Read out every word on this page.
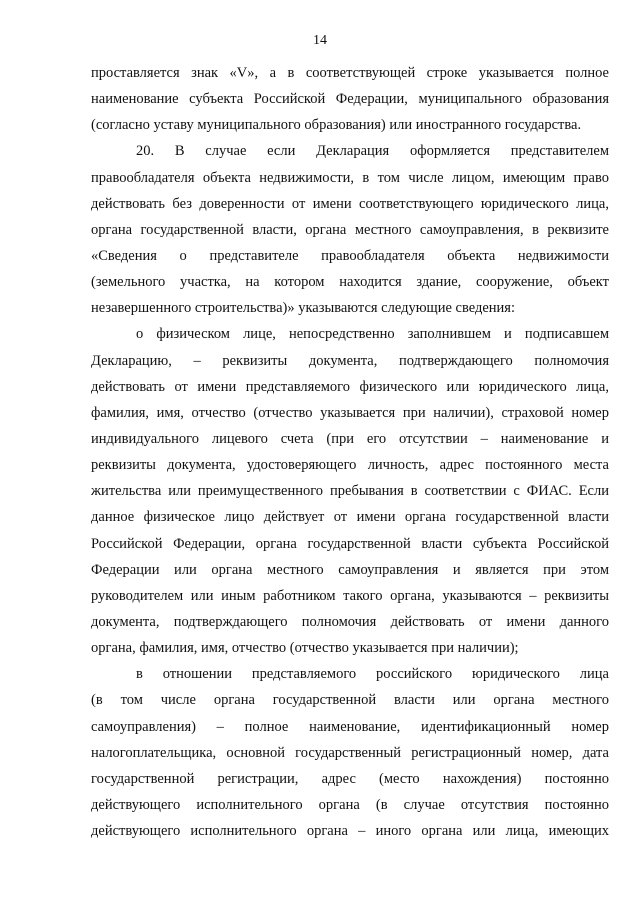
14
проставляется знак «V», а в соответствующей строке указывается полное
наименование субъекта Российской Федерации, муниципального образования
(согласно уставу муниципального образования) или иностранного государства.
20. В случае если Декларация оформляется представителем
правообладателя объекта недвижимости, в том числе лицом, имеющим право
действовать без доверенности от имени соответствующего юридического лица,
органа государственной власти, органа местного самоуправления, в реквизите
«Сведения о представителе правообладателя объекта недвижимости
(земельного участка, на котором находится здание, сооружение, объект
незавершенного строительства)» указываются следующие сведения:
о физическом лице, непосредственно заполнившем и подписавшем
Декларацию, – реквизиты документа, подтверждающего полномочия
действовать от имени представляемого физического или юридического лица,
фамилия, имя, отчество (отчество указывается при наличии), страховой номер
индивидуального лицевого счета (при его отсутствии – наименование и
реквизиты документа, удостоверяющего личность, адрес постоянного места
жительства или преимущественного пребывания в соответствии с ФИАС. Если
данное физическое лицо действует от имени органа государственной власти
Российской Федерации, органа государственной власти субъекта Российской
Федерации или органа местного самоуправления и является при этом
руководителем или иным работником такого органа, указываются – реквизиты
документа, подтверждающего полномочия действовать от имени данного
органа, фамилия, имя, отчество (отчество указывается при наличии);
в отношении представляемого российского юридического лица
(в том числе органа государственной власти или органа местного
самоуправления) – полное наименование, идентификационный номер
налогоплательщика, основной государственный регистрационный номер, дата
государственной регистрации, адрес (место нахождения) постоянно
действующего исполнительного органа (в случае отсутствия постоянно
действующего исполнительного органа – иного органа или лица, имеющих
